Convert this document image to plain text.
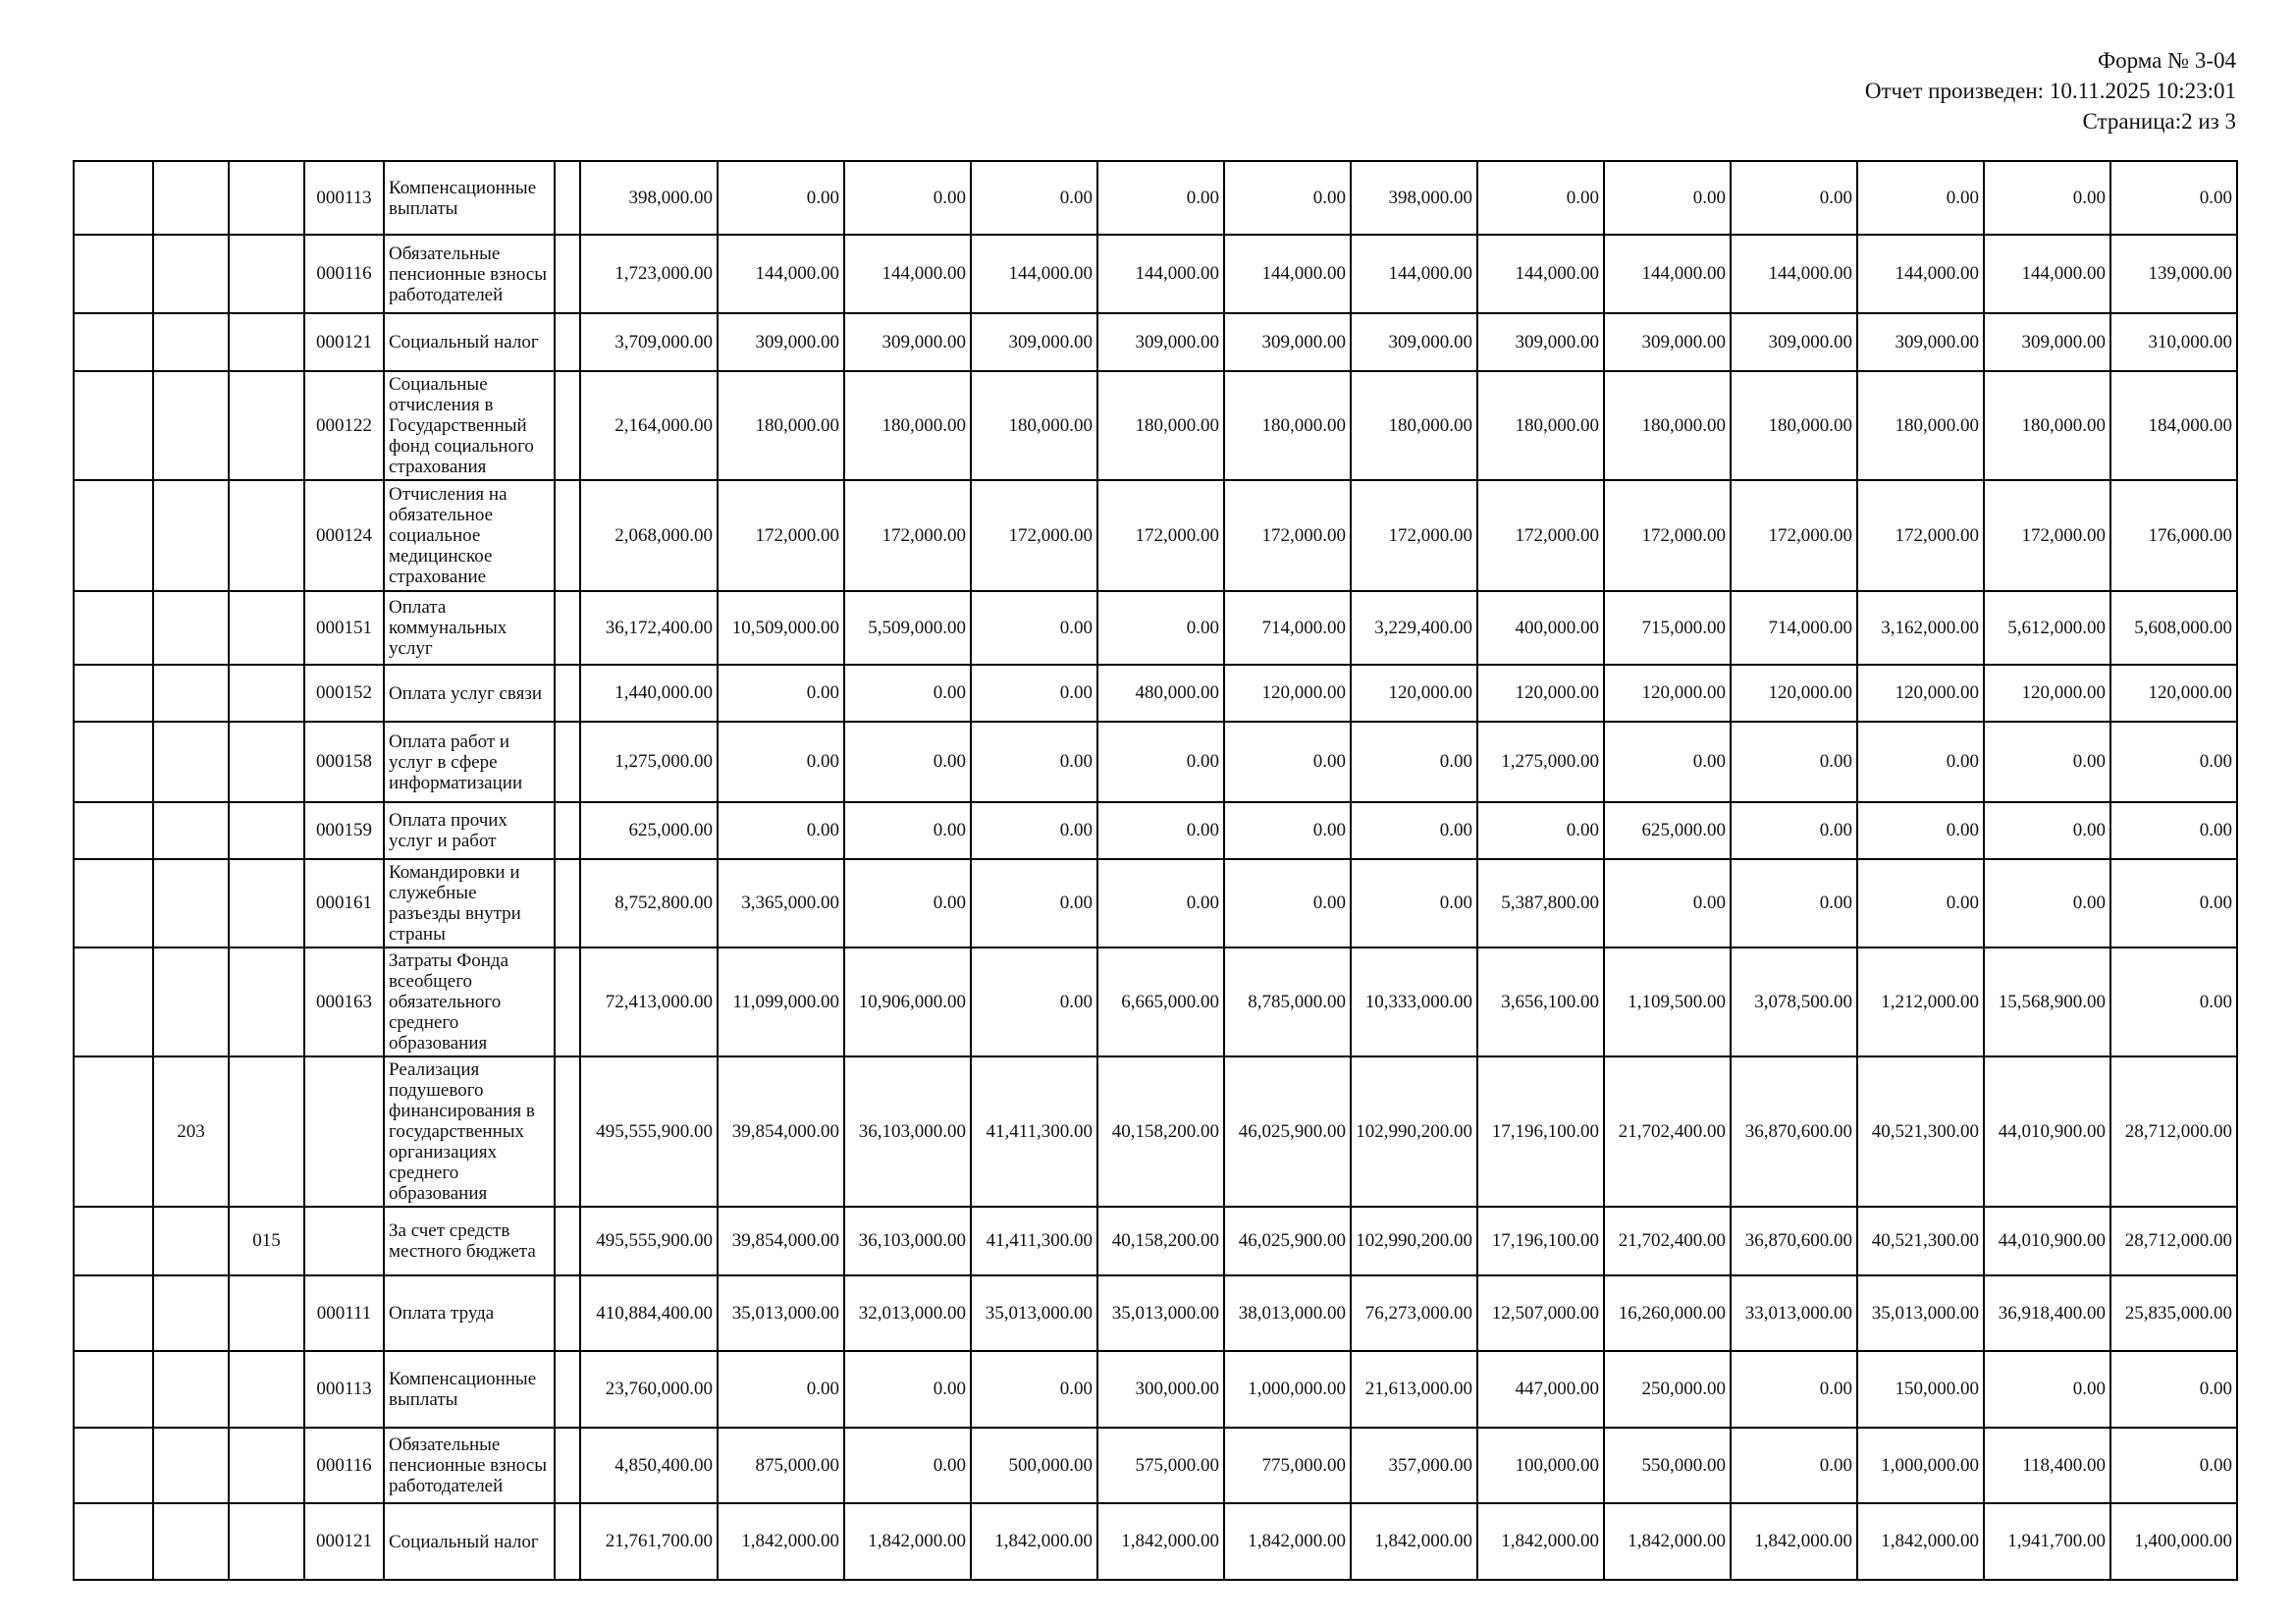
Форма № 3-04
Отчет произведен: 10.11.2025 10:23:01
Страница:2 из 3
			000113	Компенсационные выплаты		398,000.00	0.00	0.00	0.00	0.00	0.00	398,000.00	0.00	0.00	0.00	0.00	0.00	0.00
			000116	Обязательные пенсионные взносы работодателей		1,723,000.00	144,000.00	144,000.00	144,000.00	144,000.00	144,000.00	144,000.00	144,000.00	144,000.00	144,000.00	144,000.00	144,000.00	139,000.00
			000121	Социальный налог		3,709,000.00	309,000.00	309,000.00	309,000.00	309,000.00	309,000.00	309,000.00	309,000.00	309,000.00	309,000.00	309,000.00	309,000.00	310,000.00
			000122	Социальные отчисления в Государственный фонд социального страхования		2,164,000.00	180,000.00	180,000.00	180,000.00	180,000.00	180,000.00	180,000.00	180,000.00	180,000.00	180,000.00	180,000.00	180,000.00	184,000.00
			000124	Отчисления на обязательное социальное медицинское страхование		2,068,000.00	172,000.00	172,000.00	172,000.00	172,000.00	172,000.00	172,000.00	172,000.00	172,000.00	172,000.00	172,000.00	172,000.00	176,000.00
			000151	Оплата коммунальных услуг		36,172,400.00	10,509,000.00	5,509,000.00	0.00	0.00	714,000.00	3,229,400.00	400,000.00	715,000.00	714,000.00	3,162,000.00	5,612,000.00	5,608,000.00
			000152	Оплата услуг связи		1,440,000.00	0.00	0.00	0.00	480,000.00	120,000.00	120,000.00	120,000.00	120,000.00	120,000.00	120,000.00	120,000.00	120,000.00
			000158	Оплата работ и услуг в сфере информатизации		1,275,000.00	0.00	0.00	0.00	0.00	0.00	0.00	1,275,000.00	0.00	0.00	0.00	0.00	0.00
			000159	Оплата прочих услуг и работ		625,000.00	0.00	0.00	0.00	0.00	0.00	0.00	0.00	625,000.00	0.00	0.00	0.00	0.00
			000161	Командировки и служебные разъезды внутри страны		8,752,800.00	3,365,000.00	0.00	0.00	0.00	0.00	0.00	5,387,800.00	0.00	0.00	0.00	0.00	0.00
			000163	Затраты Фонда всеобщего обязательного среднего образования		72,413,000.00	11,099,000.00	10,906,000.00	0.00	6,665,000.00	8,785,000.00	10,333,000.00	3,656,100.00	1,109,500.00	3,078,500.00	1,212,000.00	15,568,900.00	0.00
	203			Реализация подушевого финансирования в государственных организациях среднего образования		495,555,900.00	39,854,000.00	36,103,000.00	41,411,300.00	40,158,200.00	46,025,900.00	102,990,200.00	17,196,100.00	21,702,400.00	36,870,600.00	40,521,300.00	44,010,900.00	28,712,000.00
		015		За счет средств местного бюджета		495,555,900.00	39,854,000.00	36,103,000.00	41,411,300.00	40,158,200.00	46,025,900.00	102,990,200.00	17,196,100.00	21,702,400.00	36,870,600.00	40,521,300.00	44,010,900.00	28,712,000.00
			000111	Оплата труда		410,884,400.00	35,013,000.00	32,013,000.00	35,013,000.00	35,013,000.00	38,013,000.00	76,273,000.00	12,507,000.00	16,260,000.00	33,013,000.00	35,013,000.00	36,918,400.00	25,835,000.00
			000113	Компенсационные выплаты		23,760,000.00	0.00	0.00	0.00	300,000.00	1,000,000.00	21,613,000.00	447,000.00	250,000.00	0.00	150,000.00	0.00	0.00
			000116	Обязательные пенсионные взносы работодателей		4,850,400.00	875,000.00	0.00	500,000.00	575,000.00	775,000.00	357,000.00	100,000.00	550,000.00	0.00	1,000,000.00	118,400.00	0.00
			000121	Социальный налог		21,761,700.00	1,842,000.00	1,842,000.00	1,842,000.00	1,842,000.00	1,842,000.00	1,842,000.00	1,842,000.00	1,842,000.00	1,842,000.00	1,842,000.00	1,941,700.00	1,400,000.00
